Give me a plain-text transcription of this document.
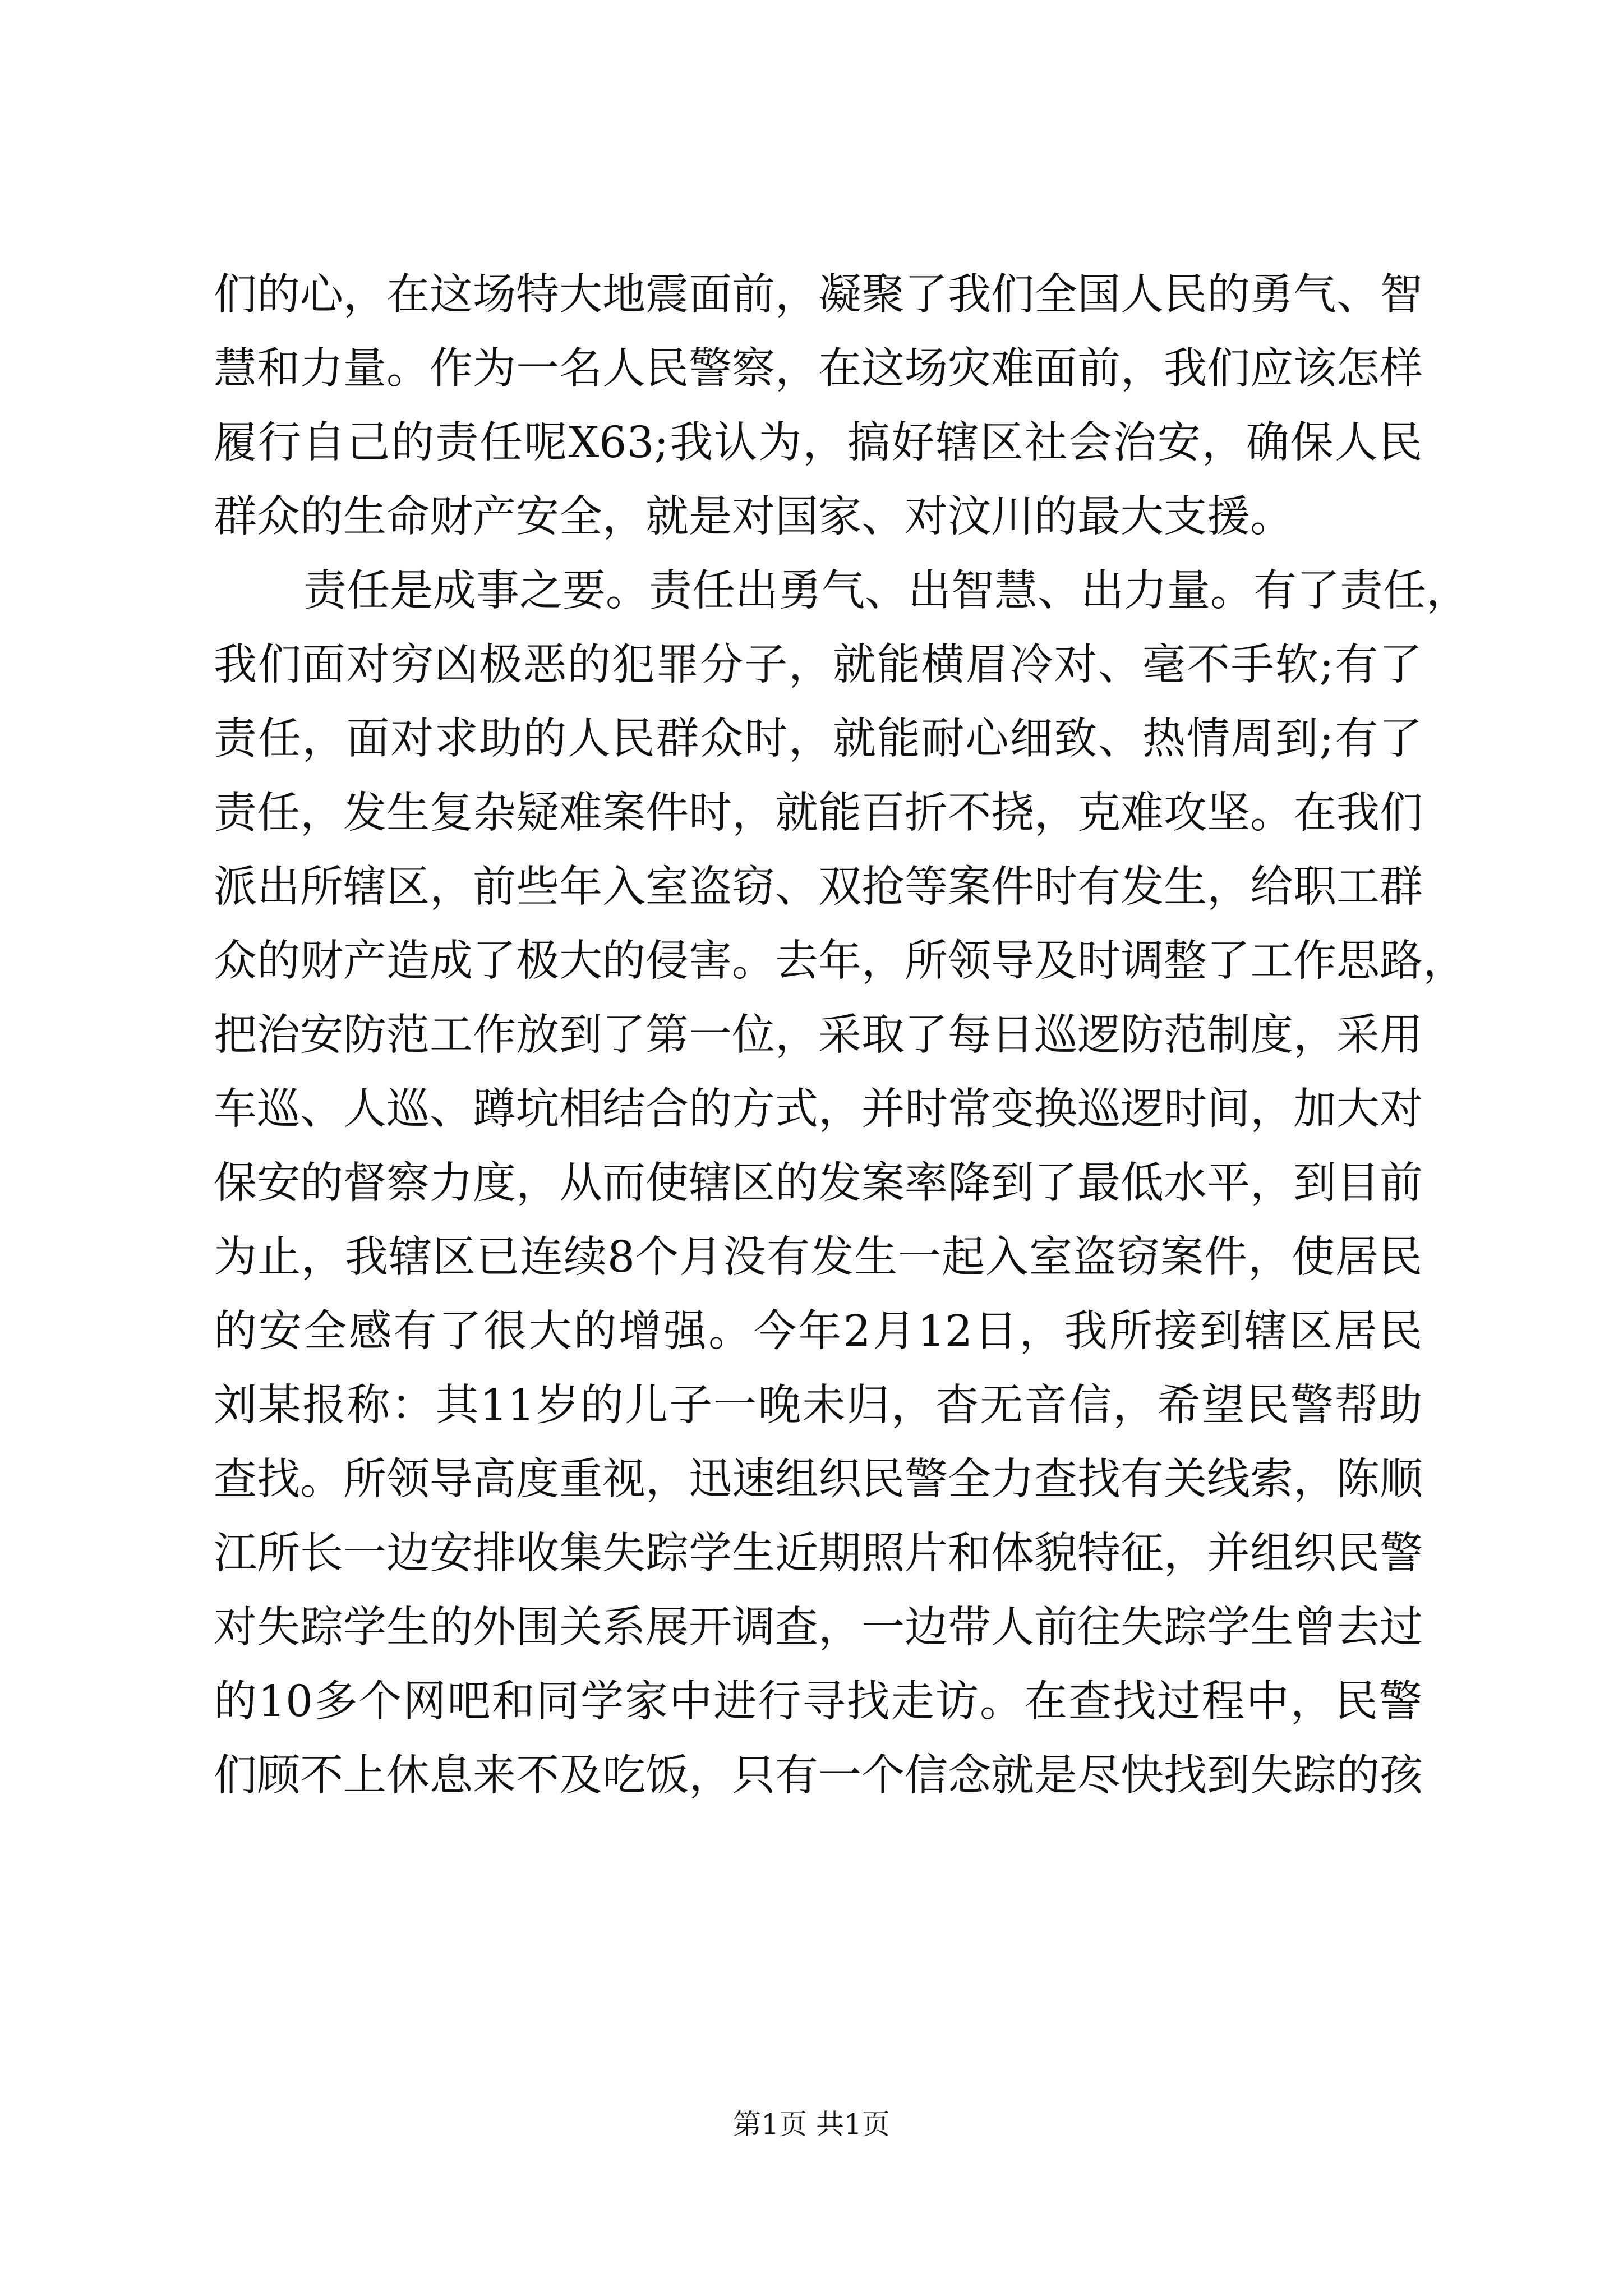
们的心，在这场特大地震面前，凝聚了我们全国人民的勇气、智
慧和力量。作为一名人民警察，在这场灾难面前，我们应该怎样
履行自己的责任呢X63;我认为，搞好辖区社会治安，确保人民
群众的生命财产安全，就是对国家、对汶川的最大支援。
责任是成事之要。责任出勇气、出智慧、出力量。有了责任，
我们面对穷凶极恶的犯罪分子，就能横眉冷对、毫不手软;有了
责任，面对求助的人民群众时，就能耐心细致、热情周到;有了
责任，发生复杂疑难案件时，就能百折不挠，克难攻坚。在我们
派出所辖区，前些年入室盗窃、双抢等案件时有发生，给职工群
众的财产造成了极大的侵害。去年，所领导及时调整了工作思路，
把治安防范工作放到了第一位，采取了每日巡逻防范制度，采用
车巡、人巡、蹲坑相结合的方式，并时常变换巡逻时间，加大对
保安的督察力度，从而使辖区的发案率降到了最低水平，到目前
为止，我辖区已连续8个月没有发生一起入室盗窃案件，使居民
的安全感有了很大的增强。今年2月12日，我所接到辖区居民
刘某报称：其11岁的儿子一晚未归，杳无音信，希望民警帮助
查找。所领导高度重视，迅速组织民警全力查找有关线索，陈顺
江所长一边安排收集失踪学生近期照片和体貌特征，并组织民警
对失踪学生的外围关系展开调查，一边带人前往失踪学生曾去过
的10多个网吧和同学家中进行寻找走访。在查找过程中，民警
们顾不上休息来不及吃饭，只有一个信念就是尽快找到失踪的孩
第1页 共1页
